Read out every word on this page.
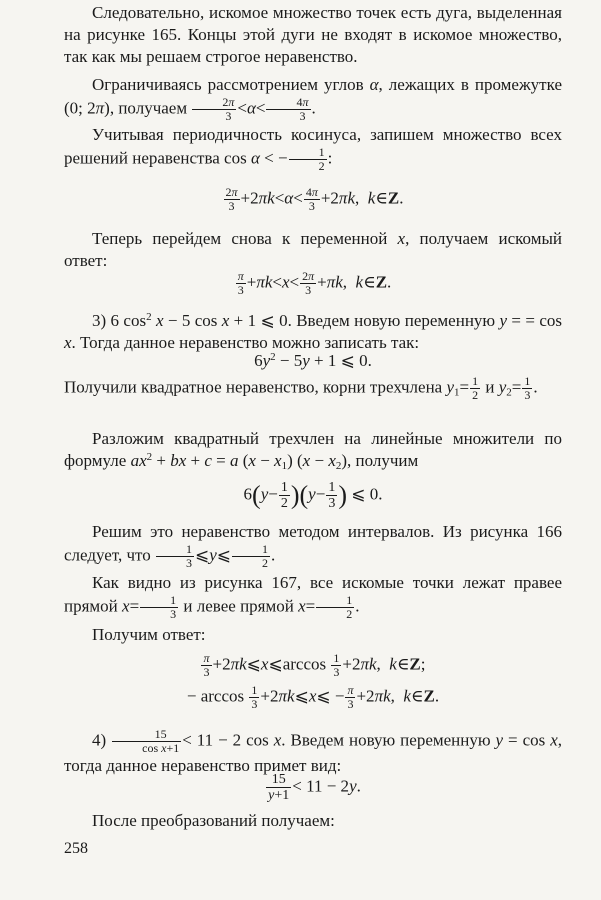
Следовательно, искомое множество точек есть дуга, выделенная на рисунке 165. Концы этой дуги не входят в искомое множество, так как мы решаем строгое неравенство.

Ограничиваясь рассмотрением углов α, лежащих в промежутке (0; 2π), получаем $\frac{2\pi}{3} <\alpha< \frac{4\pi}{3}$ .

Учитывая периодичность косинуса, запишем множество всех решений неравенства cos α < − $\frac{1}{2}$ :

$\frac{2\pi}{3} +2\pi k<\alpha< \frac{4\pi}{3} +2\pi k$,  k∈Z.

Теперь перейдем снова к переменной x, получаем искомый ответ:

$\frac{\pi}{3} +\pi k<x< \frac{2\pi}{3} +\pi k$,  k∈Z.

3) 6 $\cos^2 x - 5$ cos x + 1 ⩽ 0. Введем новую переменную y = = cos x. Тогда данное неравенство можно записать так:

$6y^2 - 5y + 1$ ⩽ 0.

Получили квадратное неравенство, корни трехчлена $y_1= \frac{1}{2}$ и $y_2= \frac{1}{3}$ .

Разложим квадратный трехчлен на линейные множители по формуле $ax^2$ + bx + c = a $(x - x_1)$ $(x - x_2)$, получим

$6(y- \frac{1}{2} )(y- \frac{1}{3}$ ) ⩽ 0.

Решим это неравенство методом интервалов. Из рисунка 166 следует, что $\frac{1}{3}$ ⩽y⩽ $\frac{1}{2}$ .

Как видно из рисунка 167, все искомые точки лежат правее прямой $x= \frac{1}{3}$ и левее прямой $x= \frac{1}{2}$ .

Получим ответ:

$\frac{\pi}{3}$ +2πk⩽x⩽arccos $\frac{1}{3} +2\pi k$,  k∈Z;

− $\arccos \frac{1}{3}$ +2πk⩽x⩽ − $\frac{\pi}{3} +2\pi k$,  k∈Z.

$4) \frac{15}{\text{cos x+1}} < 11 - 2$ cos x. Введем новую переменную y = cos x, тогда данное неравенство примет вид:

$\frac{15}{y+1} < 11 - 2y$.

После преобразований получаем:

258
